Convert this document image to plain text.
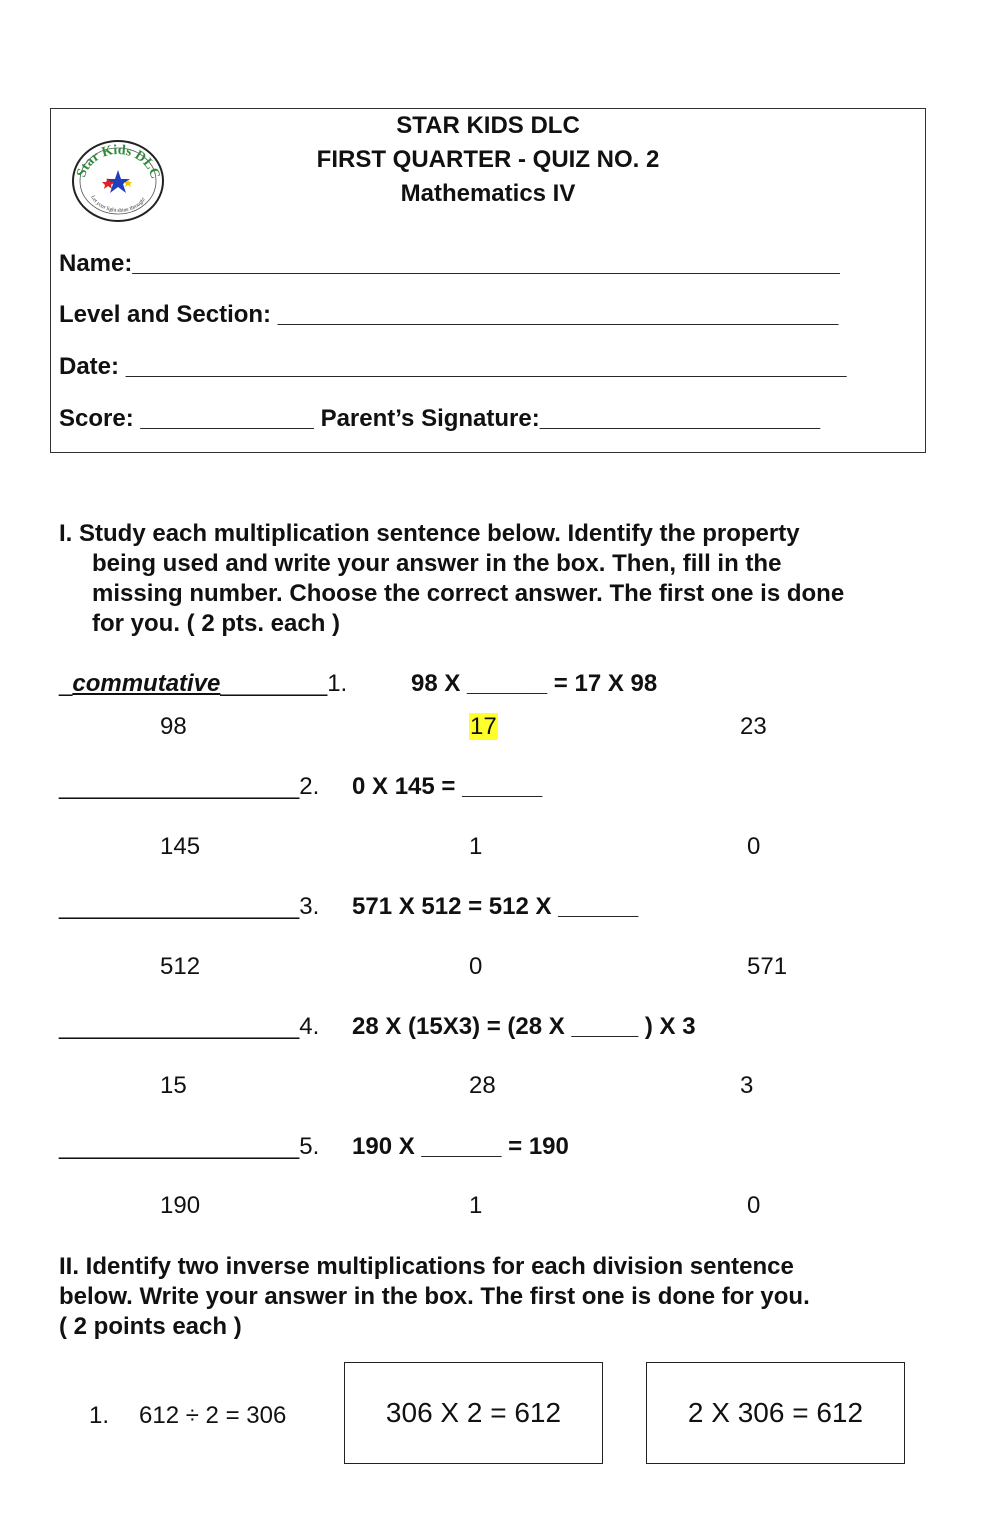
Star Kids DLC
Let your light shine through!
STAR KIDS DLC
FIRST QUARTER - QUIZ NO. 2
Mathematics IV
Name:_____________________________________________________
Level and Section: __________________________________________
Date: ______________________________________________________
Score: _____________ Parent’s Signature:_____________________
I. Study each multiplication sentence below. Identify the property
being used and write your answer in the box. Then, fill in the
missing number. Choose the correct answer. The first one is done
for you. ( 2 pts. each )
_commutative________1.	98 X ______ = 17 X 98
98	17	23
__________________2. 0 X 145 = ______
145	1	0
__________________3. 571 X 512 = 512 X ______
512	0	571
__________________4. 28 X (15X3) = (28 X _____ ) X 3
15	28	3
__________________5. 190 X ______ = 190
190	1	0
II. Identify two inverse multiplications for each division sentence
below. Write your answer in the box. The first one is done for you.
( 2 points each )
1. 612 ÷ 2 = 306	306 X 2 = 612	2 X 306 = 612
